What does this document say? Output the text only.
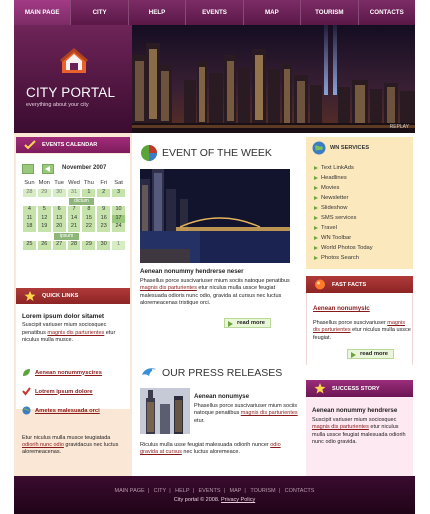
MAIN PAGE	CITY	HELP	EVENTS	MAP	TOURISM	CONTACTS
CITY PORTAL
everything about your city
REPLAY
EVENTS CALENDAR
November 2007
Sun Mon Tue Wed Thu	Fri	Sat
28	29	30	31	1	2	3
dictum
4	5	6	7	8	9	10
11	12	13	14	15	16	17
18	19	20	21	22	23	24
ipsum
25	26	27	28	29	30	1
QUICK LINKS
Lorem ipsum dolor sitamet
Suscipit variuser mium sociosquec penatibus magnis dis parturientes etur niculus mulla musce.
Aenean nonummyscires
Lotrem ipsum dolore
Ametes malesuada orci
Etur niculus mulla musce teugiatada odiorih nunc odio gravidacus nec luctus aloremeacenas.
EVENT OF THE WEEK
Aenean nonummy hendrerse neser
Phasellus porce suscivariuser mium sociis natoque penatibus magnis dis parturientes etur niculus mulla ussce feugiat malesuada odioris nunc odio, gravida at cursus nec luctus aloremeacenas tristique orci.
read more
OUR PRESS RELEASES
Aenean nonumyse
Phasellus porce suscivariuser mium sociis natoque penatibus magnis dis parturientes etur.
Riculus mulla usse feugiat malesuada odiorih nuncer odio gravida at cursus nec luctus aloremeace.
WN SERVICES
Text LinkAds
Headlines
Movies
Newsletter
Slideshow
SMS services
Travel
WN Toolbar
World Photos Today
Photos Search
FAST FACTS
Aenean nonumyslc
Phasellus porce suscivariuser magnis dis parturientes etur niculus mulla ussce feugiat.
read more
SUCCESS STORY
Aenean nonummy hendrerse
Suscipit variuser mium sociosquec magnis dis parturientes etur niculus mulla ussce feugiat malesuada odiorih nunc odio gravida.
MAIN PAGE | CITY | HELP | EVENTS | MAP | TOURISM | CONTACTS
City portal © 2008. Privacy Policy
